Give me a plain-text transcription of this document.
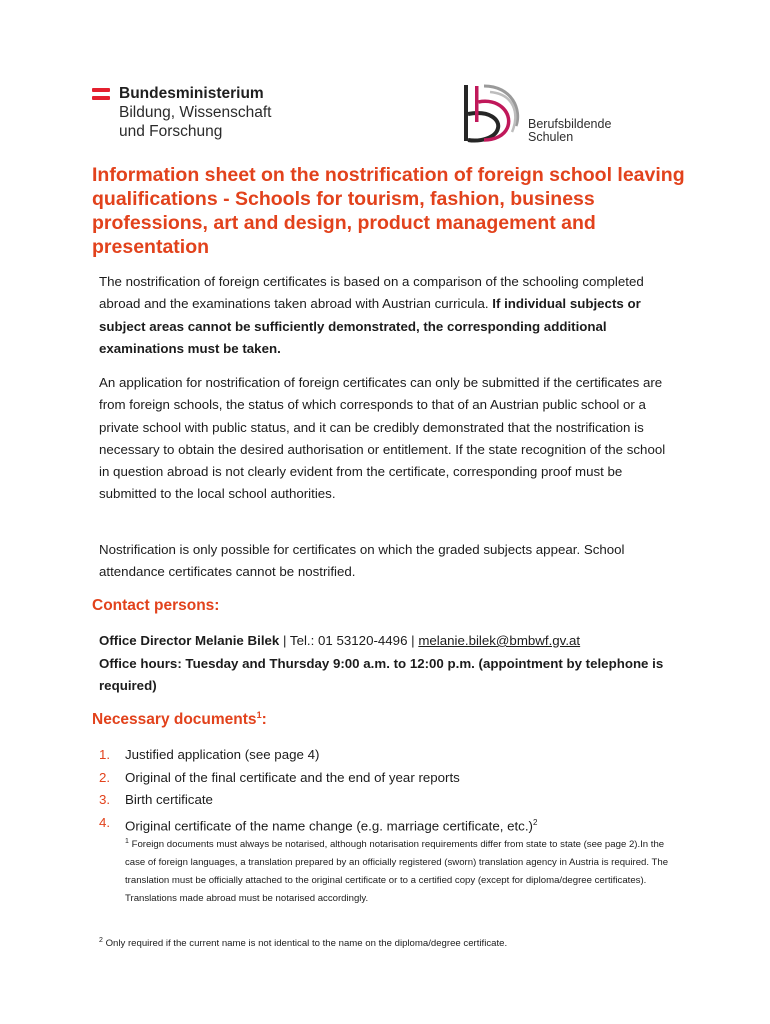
Bundesministerium
Bildung, Wissenschaft
und Forschung	Berufsbildende
Schulen
Information sheet on the nostrification of foreign school leaving qualifications - Schools for tourism, fashion, business professions, art and design, product management and presentation
The nostrification of foreign certificates is based on a comparison of the schooling completed abroad and the examinations taken abroad with Austrian curricula. If individual subjects or subject areas cannot be sufficiently demonstrated, the corresponding additional examinations must be taken.
An application for nostrification of foreign certificates can only be submitted if the certificates are from foreign schools, the status of which corresponds to that of an Austrian public school or a private school with public status, and it can be credibly demonstrated that the nostrification is necessary to obtain the desired authorisation or entitlement. If the state recognition of the school in question abroad is not clearly evident from the certificate, corresponding proof must be submitted to the local school authorities.
Nostrification is only possible for certificates on which the graded subjects appear. School attendance certificates cannot be nostrified.
Contact persons:
Office Director Melanie Bilek | Tel.: 01 53120-4496 | melanie.bilek@bmbwf.gv.at
Office hours: Tuesday and Thursday 9:00 a.m. to 12:00 p.m. (appointment by telephone is required)
Necessary documents$^1$:
1. Justified application (see page 4)
2. Original of the final certificate and the end of year reports
3. Birth certificate
4. Original certificate of the name change (e.g. marriage certificate, etc.)$^2$
$^1$ Foreign documents must always be notarised, although notarisation requirements differ from state to state (see page 2).In the case of foreign languages, a translation prepared by an officially registered (sworn) translation agency in Austria is required. The translation must be officially attached to the original certificate or to a certified copy (except for diploma/degree certificates). Translations made abroad must be notarised accordingly.
$^2$ Only required if the current name is not identical to the name on the diploma/degree certificate.
